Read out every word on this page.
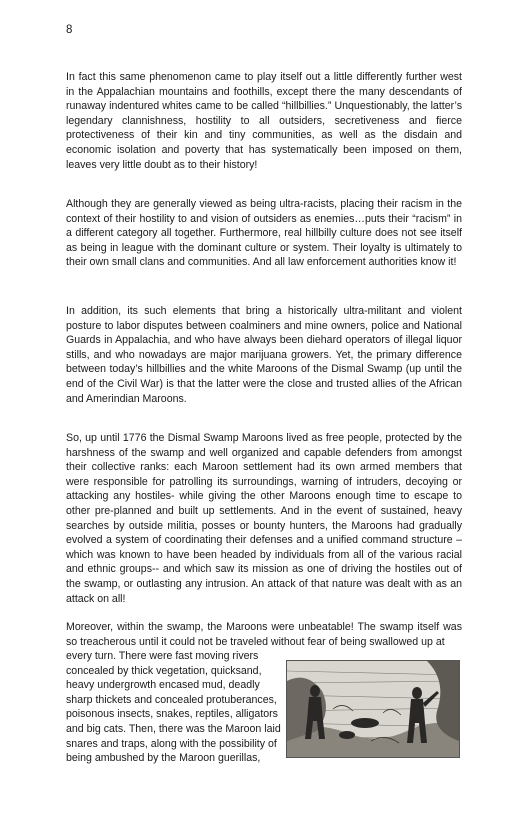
8

In fact this same phenomenon came to play itself out a little differently further west in the Appalachian mountains and foothills, except there the many descendants of runaway indentured whites came to be called “hillbillies.” Unquestionably, the latter’s legendary clannishness, hostility to all outsiders, secretiveness and fierce protectiveness of their kin and tiny communities, as well as the disdain and economic isolation and poverty that has systematically been imposed on them, leaves very little doubt as to their history!

Although they are generally viewed as being ultra-racists, placing their racism in the context of their hostility to and vision of outsiders as enemies…puts their “racism” in a different category all together. Furthermore, real hillbilly culture does not see itself as being in league with the dominant culture or system. Their loyalty is ultimately to their own small clans and communities. And all law enforcement authorities know it!

In addition, its such elements that bring a historically ultra-militant and violent posture to labor disputes between coalminers and mine owners, police and National Guards in Appalachia, and who have always been diehard operators of illegal liquor stills, and who nowadays are major marijuana growers. Yet, the primary difference between today’s hillbillies and the white Maroons of the Dismal Swamp (up until the end of the Civil War) is that the latter were the close and trusted allies of the African and Amerindian Maroons.

So, up until 1776 the Dismal Swamp Maroons lived as free people, protected by the harshness of the swamp and well organized and capable defenders from amongst their collective ranks: each Maroon settlement had its own armed members that were responsible for patrolling its surroundings, warning of intruders, decoying or attacking any hostiles- while giving the other Maroons enough time to escape to other pre-planned and built up settlements. And in the event of sustained, heavy searches by outside militia, posses or bounty hunters, the Maroons had gradually evolved a system of coordinating their defenses and a unified command structure – which was known to have been headed by individuals from all of the various racial and ethnic groups-- and which saw its mission as one of driving the hostiles out of the swamp, or outlasting any intrusion. An attack of that nature was dealt with as an attack on all!

Moreover, within the swamp, the Maroons were unbeatable! The swamp itself was so treacherous until it could not be traveled without fear of being swallowed up at

every turn. There were fast moving rivers concealed by thick vegetation, quicksand, heavy undergrowth encased mud, deadly sharp thickets and concealed protuberances, poisonous insects, snakes, reptiles, alligators and big cats. Then, there was the Maroon laid snares and traps, along with the possibility of being ambushed by the Maroon guerillas,
